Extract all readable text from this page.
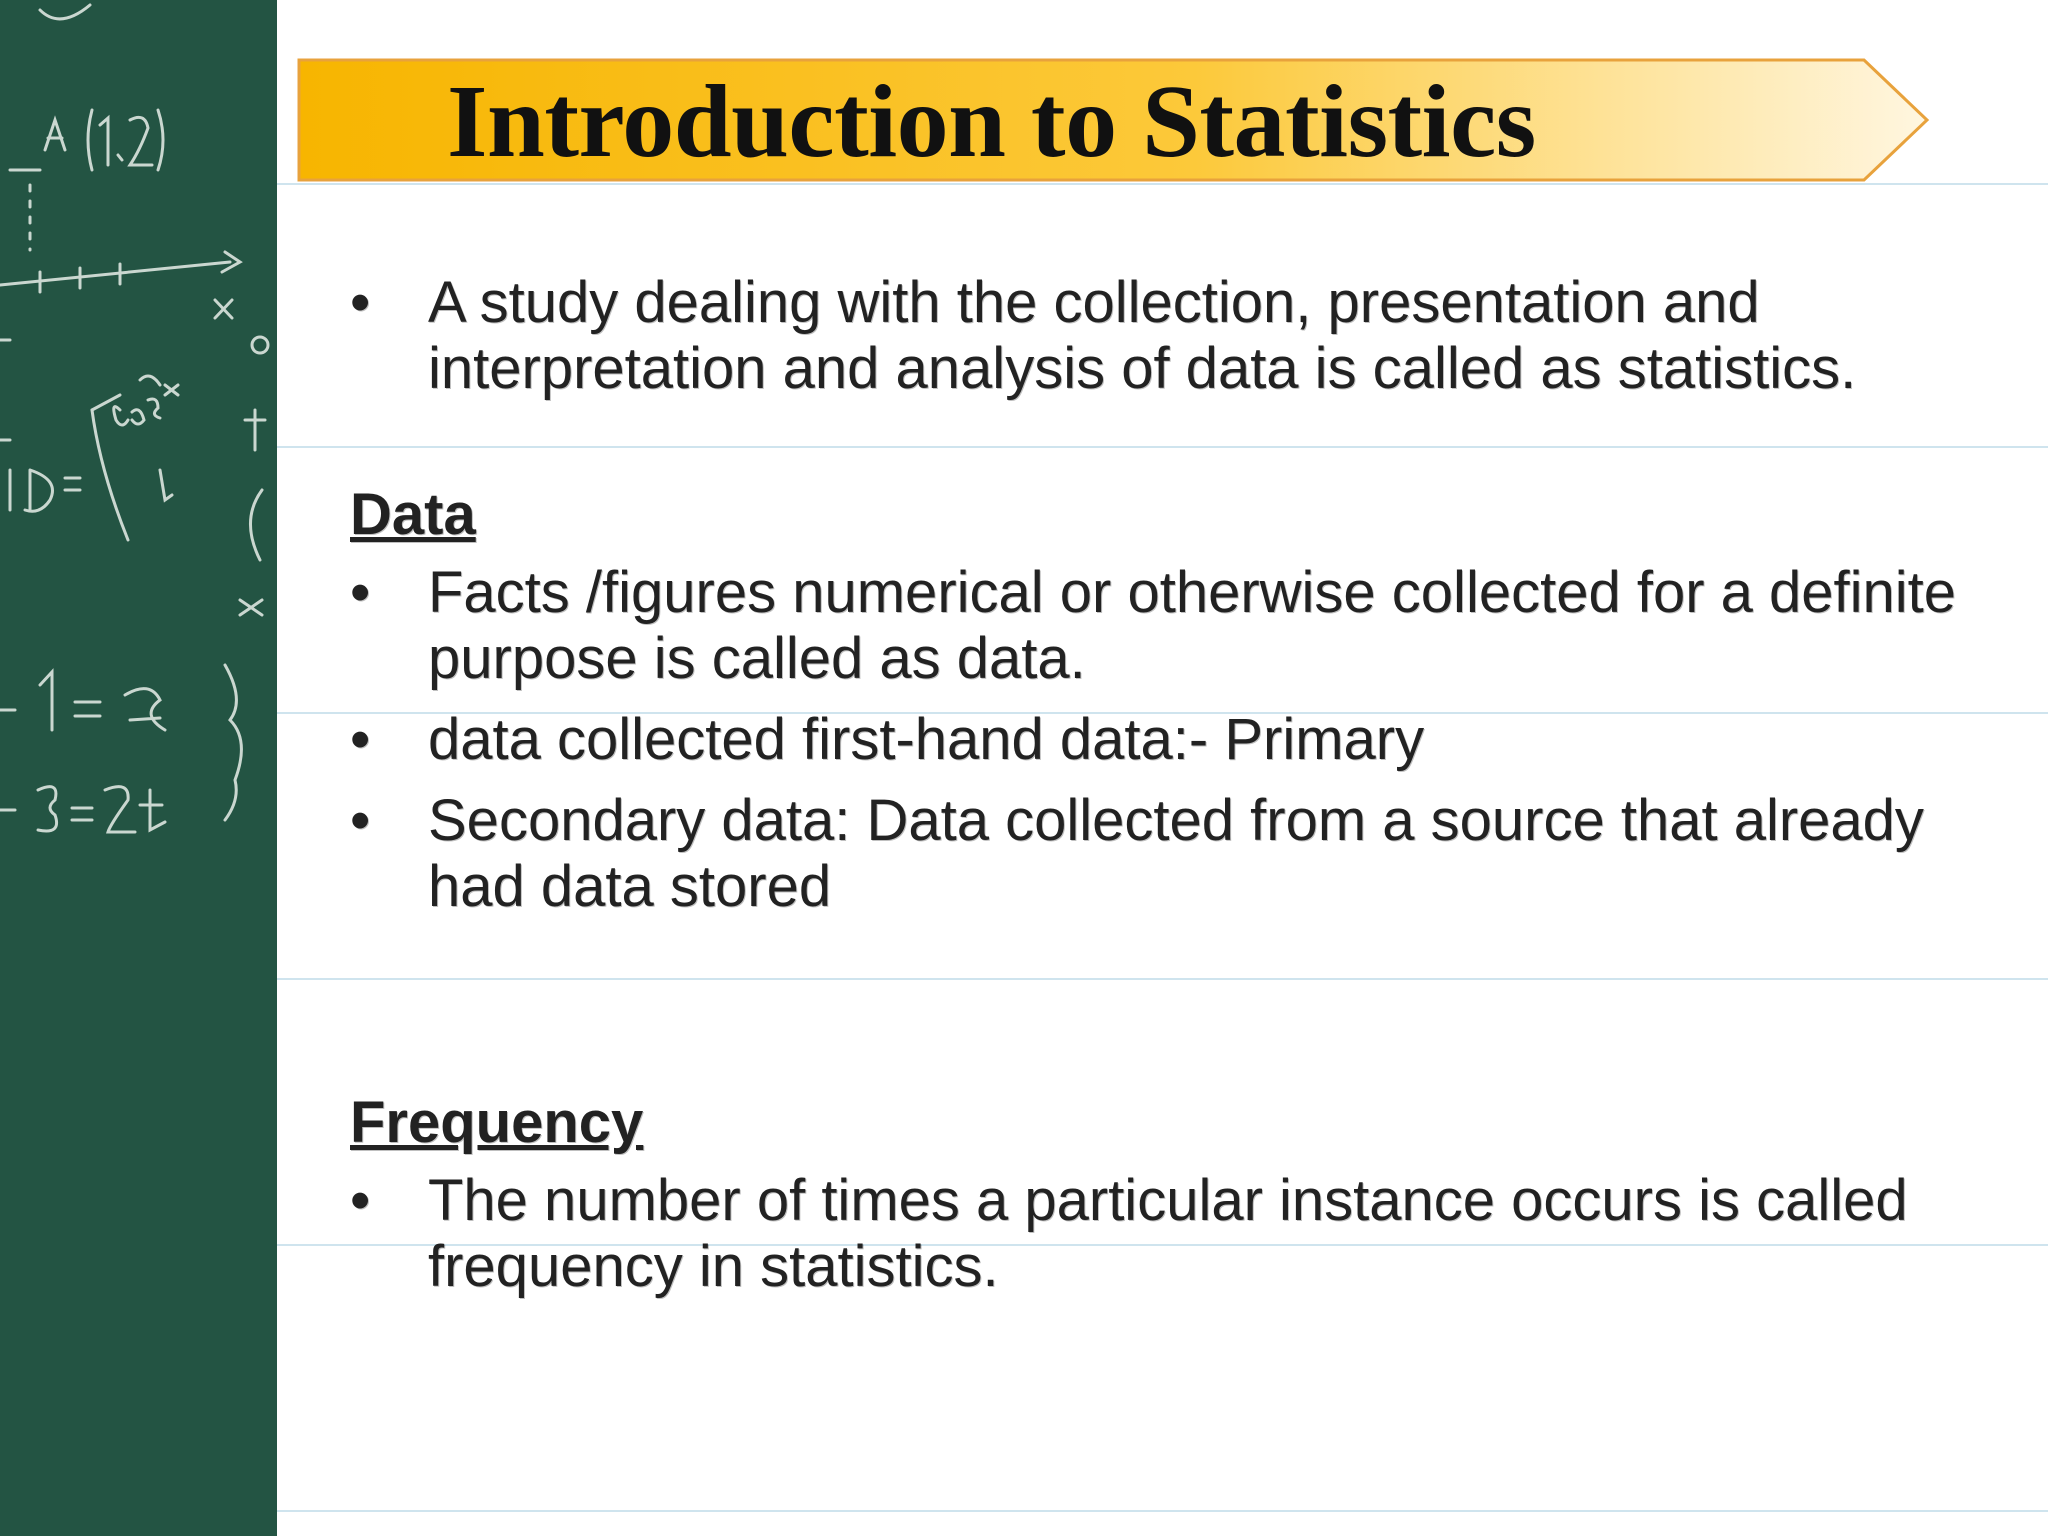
Introduction to Statistics
• A study dealing with the collection, presentation and interpretation and analysis of data is called as statistics.
Data
• Facts /figures numerical or otherwise collected for a definite purpose is called as data.
• data collected first-hand data:- Primary
• Secondary data: Data collected from a source that already had data stored
Frequency
• The number of times a particular instance occurs is called frequency in statistics.
